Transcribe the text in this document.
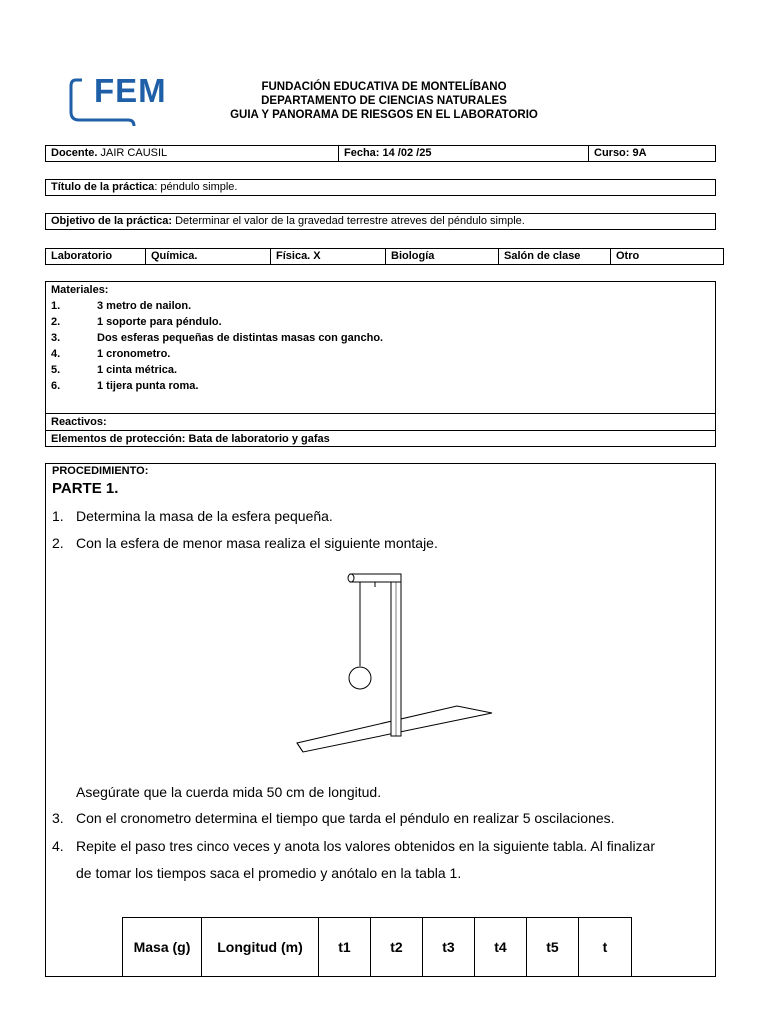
FEM	FUNDACIÓN EDUCATIVA DE MONTELÍBANO
DEPARTAMENTO DE CIENCIAS NATURALES
GUIA Y PANORAMA DE RIESGOS EN EL LABORATORIO
Docente. JAIR CAUSIL	Fecha: 14 /02 /25	Curso: 9A
Título de la práctica: péndulo simple.
Objetivo de la práctica: Determinar el valor de la gravedad terrestre atreves del péndulo simple.
Laboratorio	Química.	Física. X	Biología	Salón de clase	Otro
Materiales:
1.	3 metro de nailon.
2.	1 soporte para péndulo.
3.	Dos esferas pequeñas de distintas masas con gancho.
4.	1 cronometro.
5.	1 cinta métrica.
6.	1 tijera punta roma.
Reactivos:
Elementos de protección: Bata de laboratorio y gafas
PROCEDIMIENTO:
PARTE 1.
1. Determina la masa de la esfera pequeña.
2. Con la esfera de menor masa realiza el siguiente montaje.
Asegúrate que la cuerda mida 50 cm de longitud.
3. Con el cronometro determina el tiempo que tarda el péndulo en realizar 5 oscilaciones.
4. Repite el paso tres cinco veces y anota los valores obtenidos en la siguiente tabla. Al finalizar
de tomar los tiempos saca el promedio y anótalo en la tabla 1.
Masa (g)	Longitud (m)	t1	t2	t3	t4	t5	t
